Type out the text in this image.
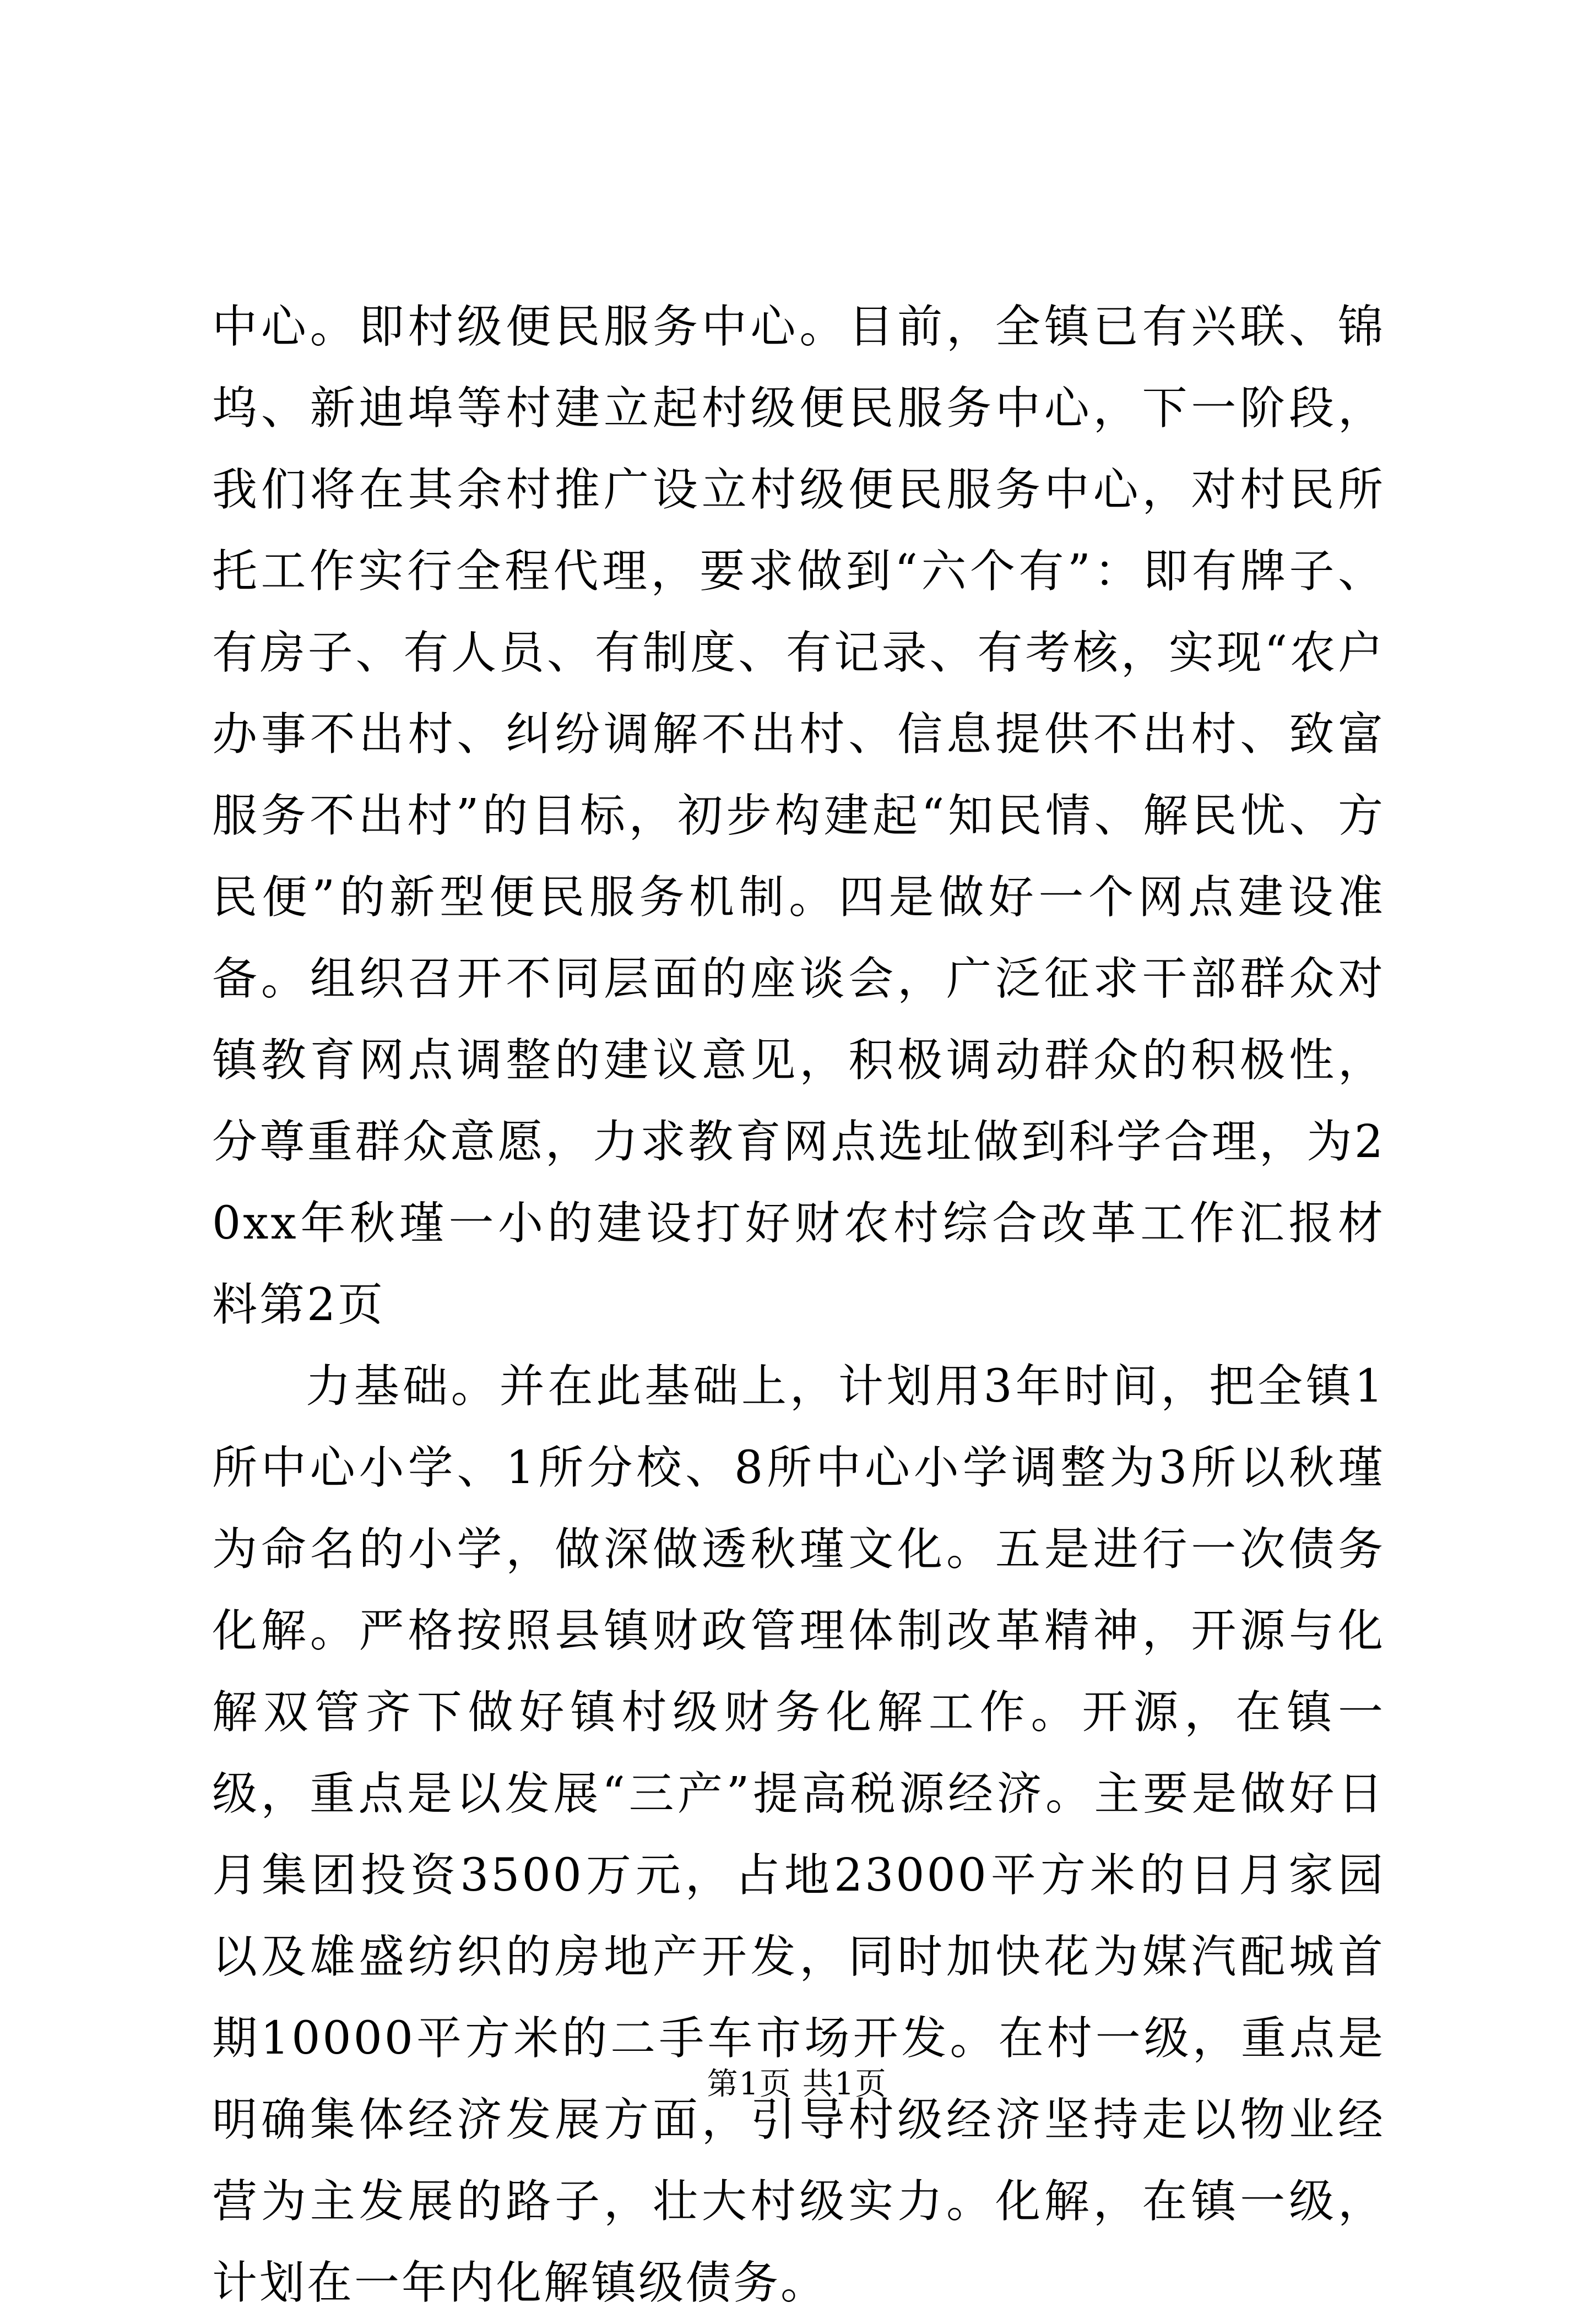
中心。即村级便民服务中心。目前，全镇已有兴联、锦坞、新迪埠等村建立起村级便民服务中心，下一阶段，我们将在其余村推广设立村级便民服务中心，对村民所托工作实行全程代理，要求做到“六个有”：即有牌子、有房子、有人员、有制度、有记录、有考核，实现“农户办事不出村、纠纷调解不出村、信息提供不出村、致富服务不出村”的目标，初步构建起“知民情、解民忧、方民便”的新型便民服务机制。四是做好一个网点建设准备。组织召开不同层面的座谈会，广泛征求干部群众对镇教育网点调整的建议意见，积极调动群众的积极性，分尊重群众意愿，力求教育网点选址做到科学合理，为20xx年秋瑾一小的建设打好财农村综合改革工作汇报材料第2页

力基础。并在此基础上，计划用3年时间，把全镇1所中心小学、1所分校、8所中心小学调整为3所以秋瑾为命名的小学，做深做透秋瑾文化。五是进行一次债务化解。严格按照县镇财政管理体制改革精神，开源与化解双管齐下做好镇村级财务化解工作。开源，在镇一级，重点是以发展“三产”提高税源经济。主要是做好日月集团投资3500万元，占地23000平方米的日月家园以及雄盛纺织的房地产开发，同时加快花为媒汽配城首期10000平方米的二手车市场开发。在村一级，重点是明确集体经济发展方面，引导村级经济坚持走以物业经营为主发展的路子，壮大村级实力。化解，在镇一级，计划在一年内化解镇级债务。

第1页 共1页
